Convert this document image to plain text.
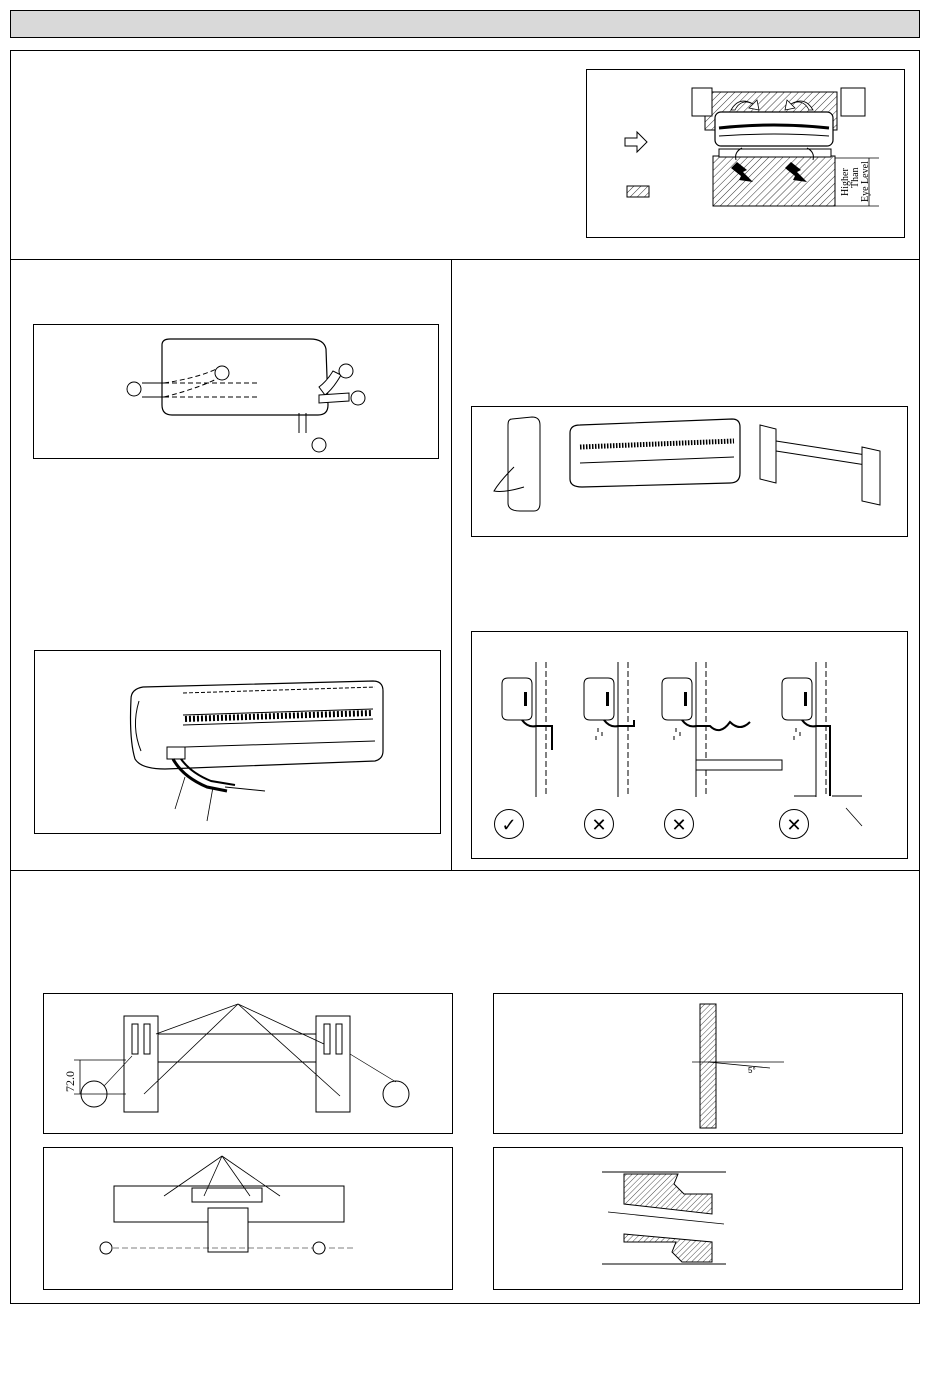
Higher Than Eye Level
✓	✕	✕	✕
72.0
5°
